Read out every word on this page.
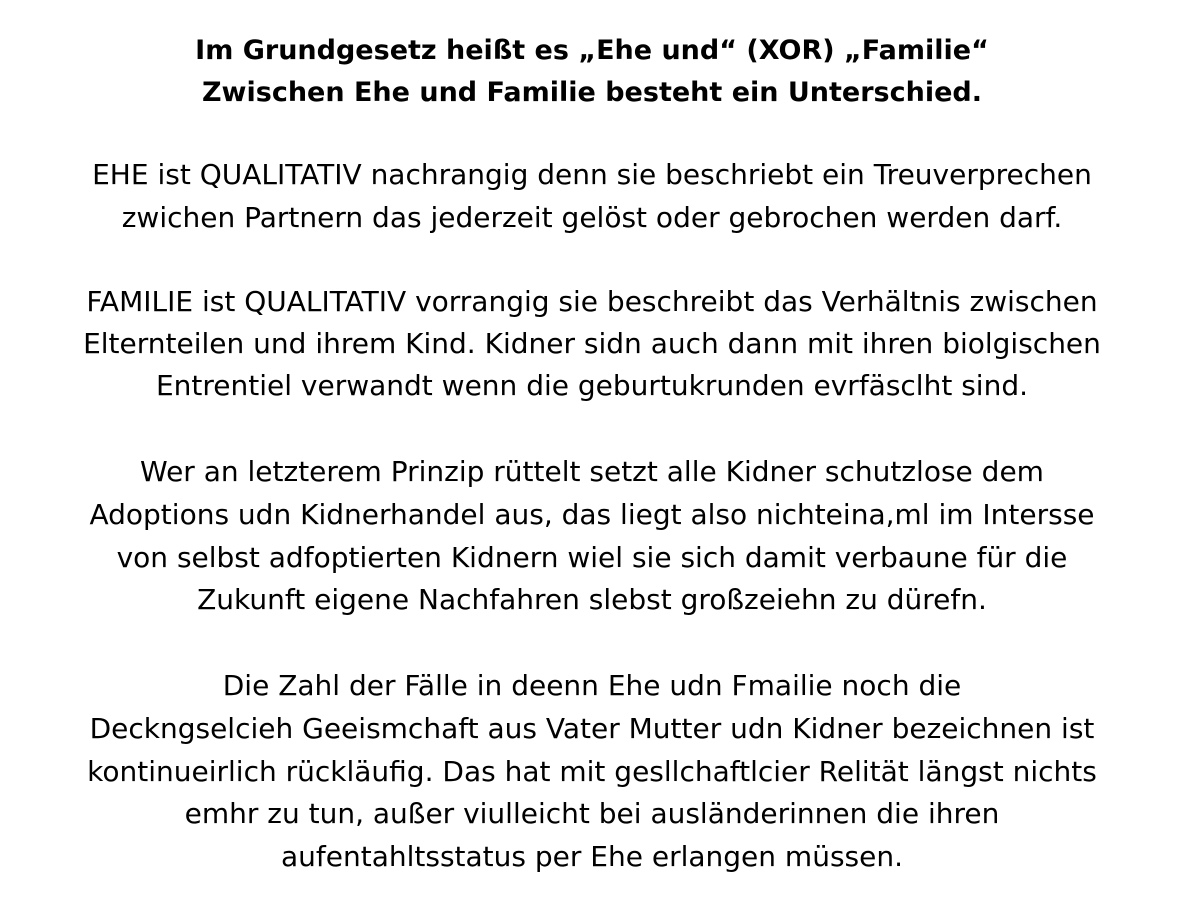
Im Grundgesetz heißt es „Ehe und“ (XOR) „Familie“
Zwischen Ehe und Familie besteht ein Unterschied.
EHE ist QUALITATIV nachrangig denn sie beschriebt ein Treuverprechen
zwichen Partnern das jederzeit gelöst oder gebrochen werden darf.
FAMILIE ist QUALITATIV vorrangig sie beschreibt das Verhältnis zwischen
Elternteilen und ihrem Kind. Kidner sidn auch dann mit ihren biolgischen
Entrentiel verwandt wenn die geburtukrunden evrfäsclht sind.
Wer an letzterem Prinzip rüttelt setzt alle Kidner schutzlose dem
Adoptions udn Kidnerhandel aus, das liegt also nichteina,ml im Intersse
von selbst adfoptierten Kidnern wiel sie sich damit verbaune für die
Zukunft eigene Nachfahren slebst großzeiehn zu dürefn.
Die Zahl der Fälle in deenn Ehe udn Fmailie noch die
Deckngselcieh Geeismchaft aus Vater Mutter udn Kidner bezeichnen ist
kontinueirlich rückläufig. Das hat mit gesllchaftlcier Relität längst nichts
emhr zu tun, außer viulleicht bei ausländerinnen die ihren
aufentahltsstatus per Ehe erlangen müssen.
